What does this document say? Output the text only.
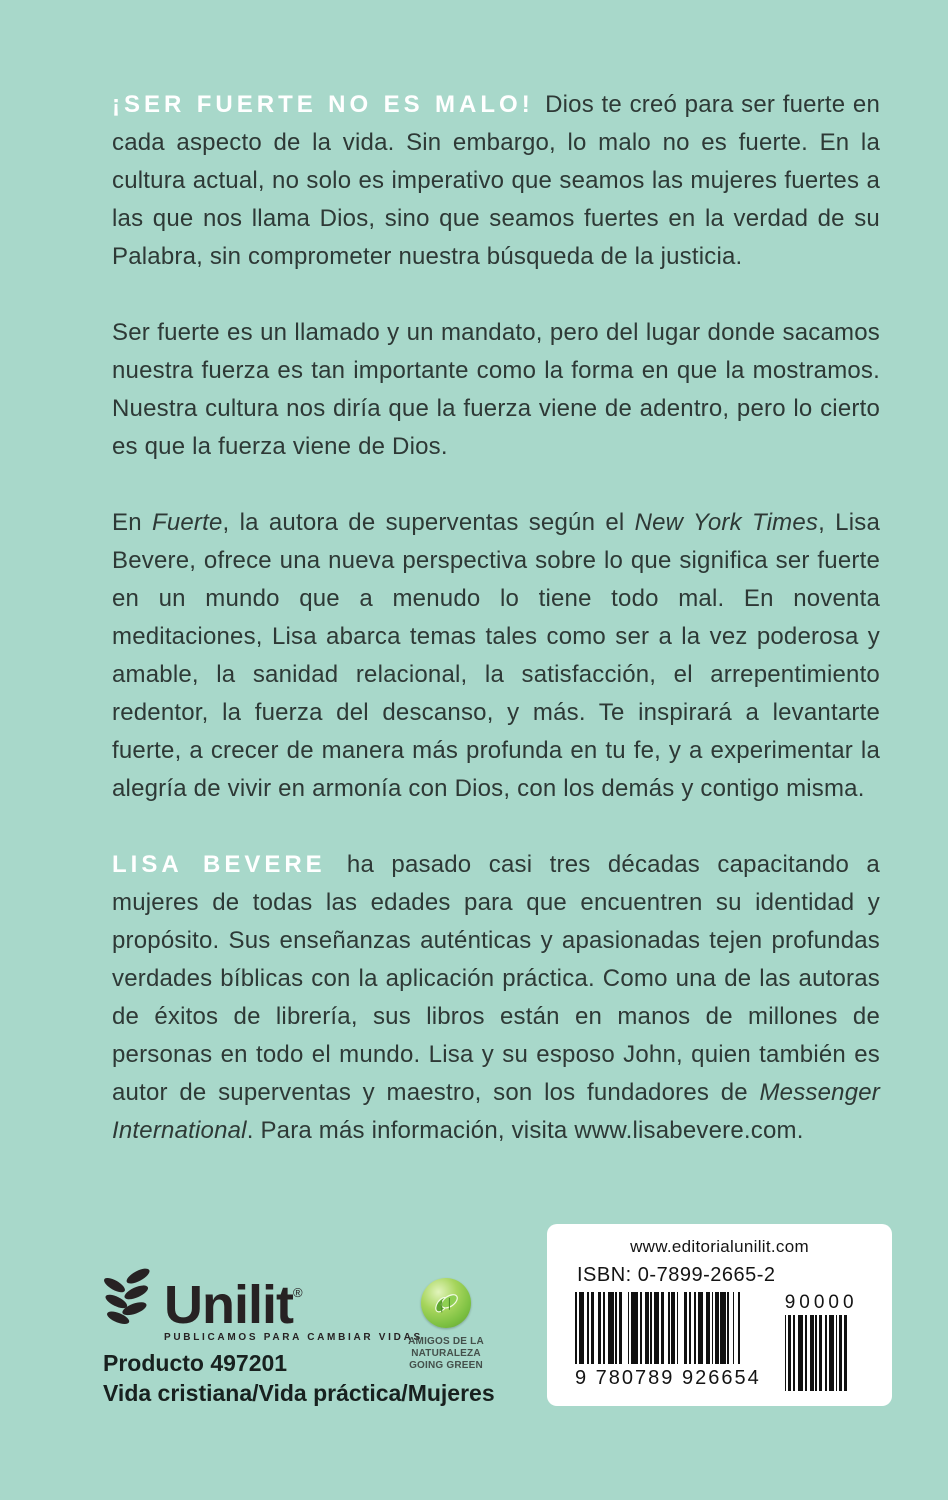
¡SER FUERTE NO ES MALO! Dios te creó para ser fuerte en cada aspecto de la vida. Sin embargo, lo malo no es fuerte. En la cultura actual, no solo es imperativo que seamos las mujeres fuertes a las que nos llama Dios, sino que seamos fuertes en la verdad de su Palabra, sin comprometer nuestra búsqueda de la justicia.

Ser fuerte es un llamado y un mandato, pero del lugar donde sacamos nuestra fuerza es tan importante como la forma en que la mostramos. Nuestra cultura nos diría que la fuerza viene de adentro, pero lo cierto es que la fuerza viene de Dios.

En Fuerte, la autora de superventas según el New York Times, Lisa Bevere, ofrece una nueva perspectiva sobre lo que significa ser fuerte en un mundo que a menudo lo tiene todo mal. En noventa meditaciones, Lisa abarca temas tales como ser a la vez poderosa y amable, la sanidad relacional, la satisfacción, el arrepentimiento redentor, la fuerza del descanso, y más. Te inspirará a levantarte fuerte, a crecer de manera más profunda en tu fe, y a experimentar la alegría de vivir en armonía con Dios, con los demás y contigo misma.

LISA BEVERE ha pasado casi tres décadas capacitando a mujeres de todas las edades para que encuentren su identidad y propósito. Sus enseñanzas auténticas y apasionadas tejen profundas verdades bíblicas con la aplicación práctica. Como una de las autoras de éxitos de librería, sus libros están en manos de millones de personas en todo el mundo. Lisa y su esposo John, quien también es autor de superventas y maestro, son los fundadores de Messenger International. Para más información, visita www.lisabevere.com.

Unilit®
PUBLICAMOS PARA CAMBIAR VIDAS
Producto 497201
Vida cristiana/Vida práctica/Mujeres
AMIGOS DE LA NATURALEZA
GOING GREEN
www.editorialunilit.com
ISBN: 0-7899-2665-2
9 780789 926654
90000
